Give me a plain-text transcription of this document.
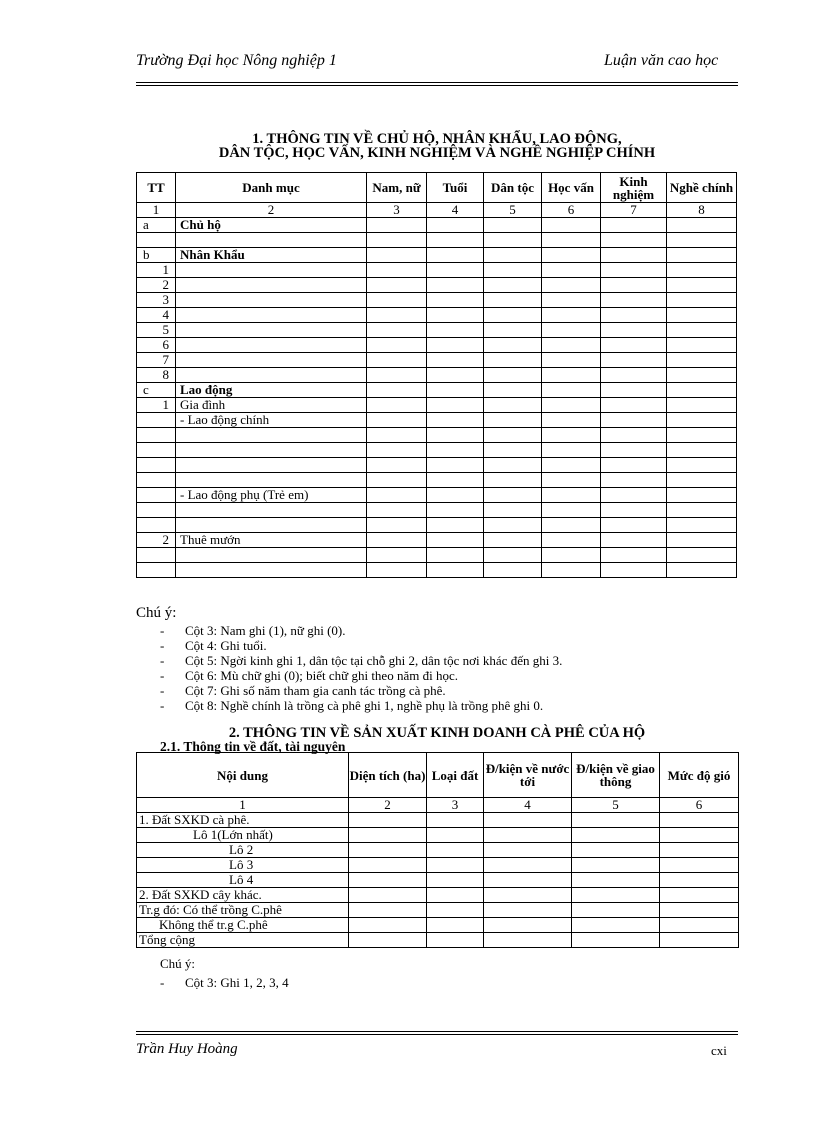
Trường Đại học Nông nghiệp 1	Luận văn cao học
1. THÔNG TIN VỀ CHỦ HỘ, NHÂN KHẨU, LAO ĐỘNG,
DÂN TỘC, HỌC VẤN, KINH NGHIỆM VÀ NGHỀ NGHIỆP CHÍNH
TT	Danh mục	Nam, nữ	Tuổi	Dân tộc	Học vấn	Kinh nghiệm	Nghề chính
1	2	3	4	5	6	7	8
a	Chủ hộ						

b	Nhân Khẩu						
1							
2							
3							
4							
5							
6							
7							
8							
c	Lao động						
1	Gia đình						
	- Lao động chính						

	- Lao động phụ (Trẻ em)						

2	Thuê mướn						

Chú ý:
- Cột 3: Nam ghi (1), nữ ghi (0).
- Cột 4: Ghi tuổi.
- Cột 5: Ngời kinh ghi 1, dân tộc tại chỗ ghi 2, dân tộc nơi khác đến ghi 3.
- Cột 6: Mù chữ ghi (0); biết chữ ghi theo năm đi học.
- Cột 7: Ghi số năm tham gia canh tác trồng cà phê.
- Cột 8: Nghề chính là trồng cà phê ghi 1, nghề phụ là trồng phê ghi 0.
2. THÔNG TIN VỀ SẢN XUẤT KINH DOANH CÀ PHÊ CỦA HỘ
2.1. Thông tin về đất, tài nguyên
Nội dung	Diện tích (ha)	Loại đất	Đ/kiện về nước tới	Đ/kiện về giao thông	Mức độ gió
1	2	3	4	5	6
1. Đất SXKD cà phê.					
Lô 1(Lớn nhất)					
Lô 2					
Lô 3					
Lô 4					
2. Đất SXKD cây khác.					
Tr.g đó: Có thể trồng C.phê					
Không thể tr.g C.phê					
Tổng cộng					
Chú ý:
- Cột 3: Ghi 1, 2, 3, 4
Trần Huy Hoàng	cxi
